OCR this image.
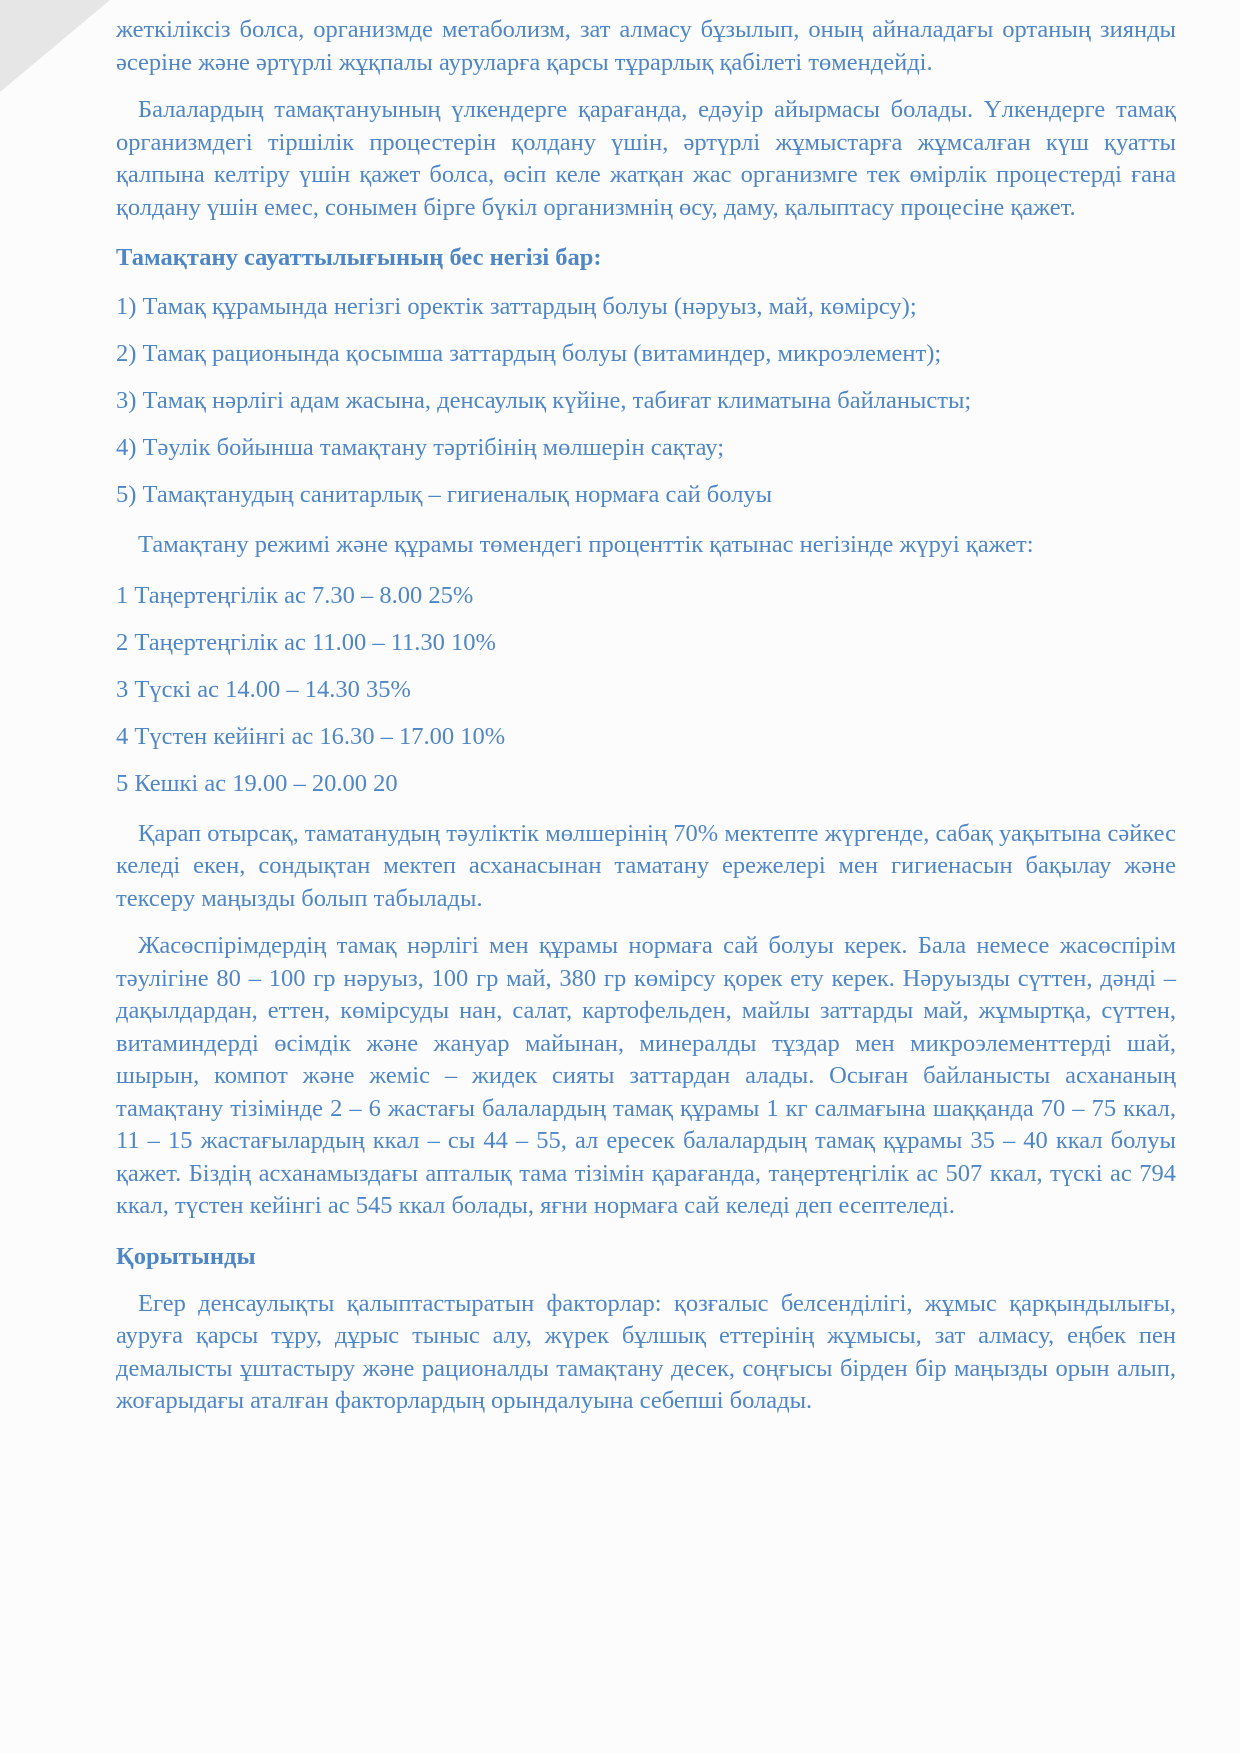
жеткіліксіз болса, организмде метаболизм, зат алмасу бұзылып, оның айналадағы ортаның зиянды әсеріне және әртүрлі жұқпалы ауруларға қарсы тұрарлық қабілеті төмендейді.

Балалардың тамақтануының үлкендерге қарағанда, едәуір айырмасы болады. Үлкендерге тамақ организмдегі тіршілік процестерін қолдану үшін, әртүрлі жұмыстарға жұмсалған күш қуатты қалпына келтіру үшін қажет болса, өсіп келе жатқан жас организмге тек өмірлік процестерді ғана қолдану үшін емес, сонымен бірге бүкіл организмнің өсу, даму, қалыптасу процесіне қажет.

Тамақтану сауаттылығының бес негізі бар:
1) Тамақ құрамында негізгі оректік заттардың болуы (нәруыз, май, көмірсу);
2) Тамақ рационында қосымша заттардың болуы (витаминдер, микроэлемент);
3) Тамақ нәрлігі адам жасына, денсаулық күйіне, табиғат климатына байланысты;
4) Тәулік бойынша тамақтану тәртібінің мөлшерін сақтау;
5) Тамақтанудың санитарлық – гигиеналық нормаға сай болуы

Тамақтану режимі және құрамы төмендегі проценттік қатынас негізінде жүруі қажет:

1 Таңертеңгілік ас 7.30 – 8.00 25%
2 Таңертеңгілік ас 11.00 – 11.30 10%
3 Түскі ас 14.00 – 14.30 35%
4 Түстен кейінгі ас 16.30 – 17.00 10%
5 Кешкі ас 19.00 – 20.00 20

Қарап отырсақ, таматанудың тәуліктік мөлшерінің 70% мектепте жүргенде, сабақ уақытына сәйкес келеді екен, сондықтан мектеп асханасынан таматану ережелері мен гигиенасын бақылау және тексеру маңызды болып табылады.

Жасөспірімдердің тамақ нәрлігі мен құрамы нормаға сай болуы керек. Бала немесе жасөспірім тәулігіне 80 – 100 гр нәруыз, 100 гр май, 380 гр көмірсу қорек ету керек. Нәруызды сүттен, дәнді – дақылдардан, еттен, көмірсуды нан, салат, картофельден, майлы заттарды май, жұмыртқа, сүттен, витаминдерді өсімдік және жануар майынан, минералды тұздар мен микроэлементтерді шай, шырын, компот және жеміс – жидек сияты заттардан алады. Осыған байланысты асхананың тамақтану тізімінде 2 – 6 жастағы балалардың тамақ құрамы 1 кг салмағына шаққанда 70 – 75 ккал, 11 – 15 жастағылардың ккал – сы 44 – 55, ал ересек балалардың тамақ құрамы 35 – 40 ккал болуы қажет. Біздің асханамыздағы апталық тама тізімін қарағанда, таңертеңгілік ас 507 ккал, түскі ас 794 ккал, түстен кейінгі ас 545 ккал болады, яғни нормаға сай келеді деп есептеледі.

Қорытынды

Егер денсаулықты қалыптастыратын факторлар: қозғалыс белсенділігі, жұмыс қарқындылығы, ауруға қарсы тұру, дұрыс тыныс алу, жүрек бұлшық еттерінің жұмысы, зат алмасу, еңбек пен демалысты ұштастыру және рационалды тамақтану десек, соңғысы бірден бір маңызды орын алып, жоғарыдағы аталған факторлардың орындалуына себепші болады.
